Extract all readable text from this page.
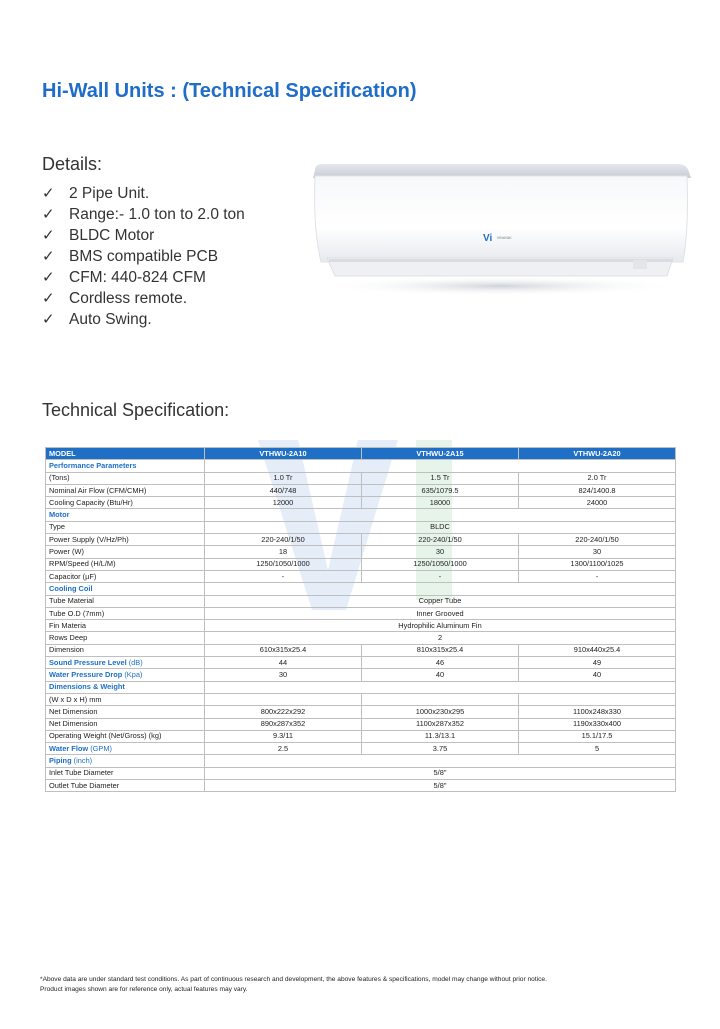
Hi-Wall Units : (Technical Specification)
Details:
✓ 2 Pipe Unit.
✓ Range:- 1.0 ton to 2.0 ton
✓ BLDC Motor
✓ BMS compatible PCB
✓ CFM: 440-824 CFM
✓ Cordless remote.
✓ Auto Swing.
Vi VINAYAK
Technical Specification:
MODEL	VTHWU-2A10	VTHWU-2A15	VTHWU-2A20
Performance Parameters			
(Tons)	1.0 Tr	1.5 Tr	2.0 Tr
Nominal Air Flow (CFM/CMH)	440/748	635/1079.5	824/1400.8
Cooling Capacity (Btu/Hr)	12000	18000	24000
Motor			
Type	BLDC		
Power Supply (V/Hz/Ph)	220-240/1/50	220-240/1/50	220-240/1/50
Power (W)	18	30	30
RPM/Speed (H/L/M)	1250/1050/1000	1250/1050/1000	1300/1100/1025
Capacitor (µF)	-	-	-
Cooling Coil			
Tube Material	Copper Tube		
Tube O.D (7mm)	Inner Grooved		
Fin Materia	Hydrophilic Aluminum Fin		
Rows Deep	2		
Dimension	610x315x25.4	810x315x25.4	910x440x25.4
Sound Pressure Level (dB)	44	46	49
Water Pressure Drop (Kpa)	30	40	40
Dimensions & Weight			
(W x D x H) mm			
Net Dimension	800x222x292	1000x230x295	1100x248x330
Net Dimension	890x287x352	1100x287x352	1190x330x400
Operating Weight (Net/Gross) (kg)	9.3/11	11.3/13.1	15.1/17.5
Water Flow (GPM)	2.5	3.75	5
Piping (inch)			
Inlet Tube Diameter	5/8"		
Outlet Tube Diameter	5/8"		
*Above data are under standard test conditions. As part of continuous research and development, the above features & specifications, model may change without prior notice.
Product images shown are for reference only, actual features may vary.
